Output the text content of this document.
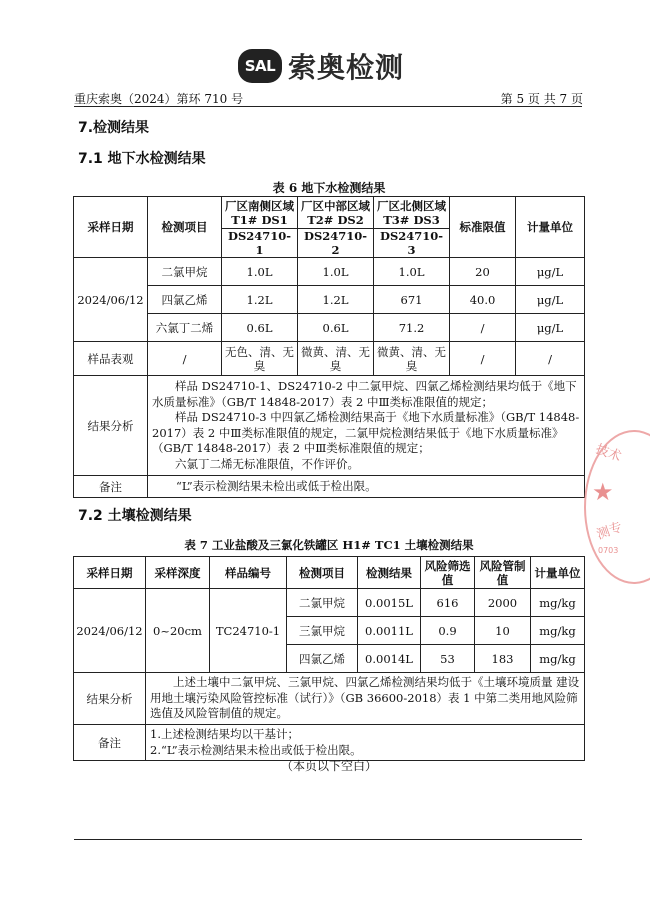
SAL 索奥检测
重庆索奥（2024）第环 710 号	第 5 页 共 7 页
7.检测结果
7.1 地下水检测结果
表 6 地下水检测结果
采样日期	检测项目	厂区南侧区域 T1# DS1	厂区中部区域 T2# DS2	厂区北侧区域 T3# DS3	标准限值	计量单位
		DS24710-1	DS24710-2	DS24710-3		
2024/06/12	二氯甲烷	1.0L	1.0L	1.0L	20	μg/L
	四氯乙烯	1.2L	1.2L	671	40.0	μg/L
	六氯丁二烯	0.6L	0.6L	71.2	/	μg/L
样品表观	/	无色、清、无臭	微黄、清、无臭	微黄、清、无臭	/	/
结果分析	样品 DS24710-1、DS24710-2 中二氯甲烷、四氯乙烯检测结果均低于《地下水质量标准》（GB/T 14848-2017）表 2 中Ⅲ类标准限值的规定；
样品 DS24710-3 中四氯乙烯检测结果高于《地下水质量标准》（GB/T 14848-2017）表 2 中Ⅲ类标准限值的规定，二氯甲烷检测结果低于《地下水质量标准》（GB/T 14848-2017）表 2 中Ⅲ类标准限值的规定；
六氯丁二烯无标准限值，不作评价。					

备注	“L”表示检测结果未检出或低于检出限。					
7.2 土壤检测结果
表 7 工业盐酸及三氯化铁罐区 H1# TC1 土壤检测结果
采样日期	采样深度	样品编号	检测项目	检测结果	风险筛选值	风险管制值	计量单位
2024/06/12	0~20cm	TC24710-1	二氯甲烷	0.0015L	616	2000	mg/kg
			三氯甲烷	0.0011L	0.9	10	mg/kg
			四氯乙烯	0.0014L	53	183	mg/kg
结果分析	上述土壤中二氯甲烷、三氯甲烷、四氯乙烯检测结果均低于《土壤环境质量 建设用地土壤污染风险管控标准（试行）》（GB 36600-2018）表 1 中第二类用地风险筛选值及风险管制值的规定。						
备注	1.上述检测结果均以干基计；
2.“L”表示检测结果未检出或低于检出限。						
（本页以下空白）
技术
★
测专
0703
